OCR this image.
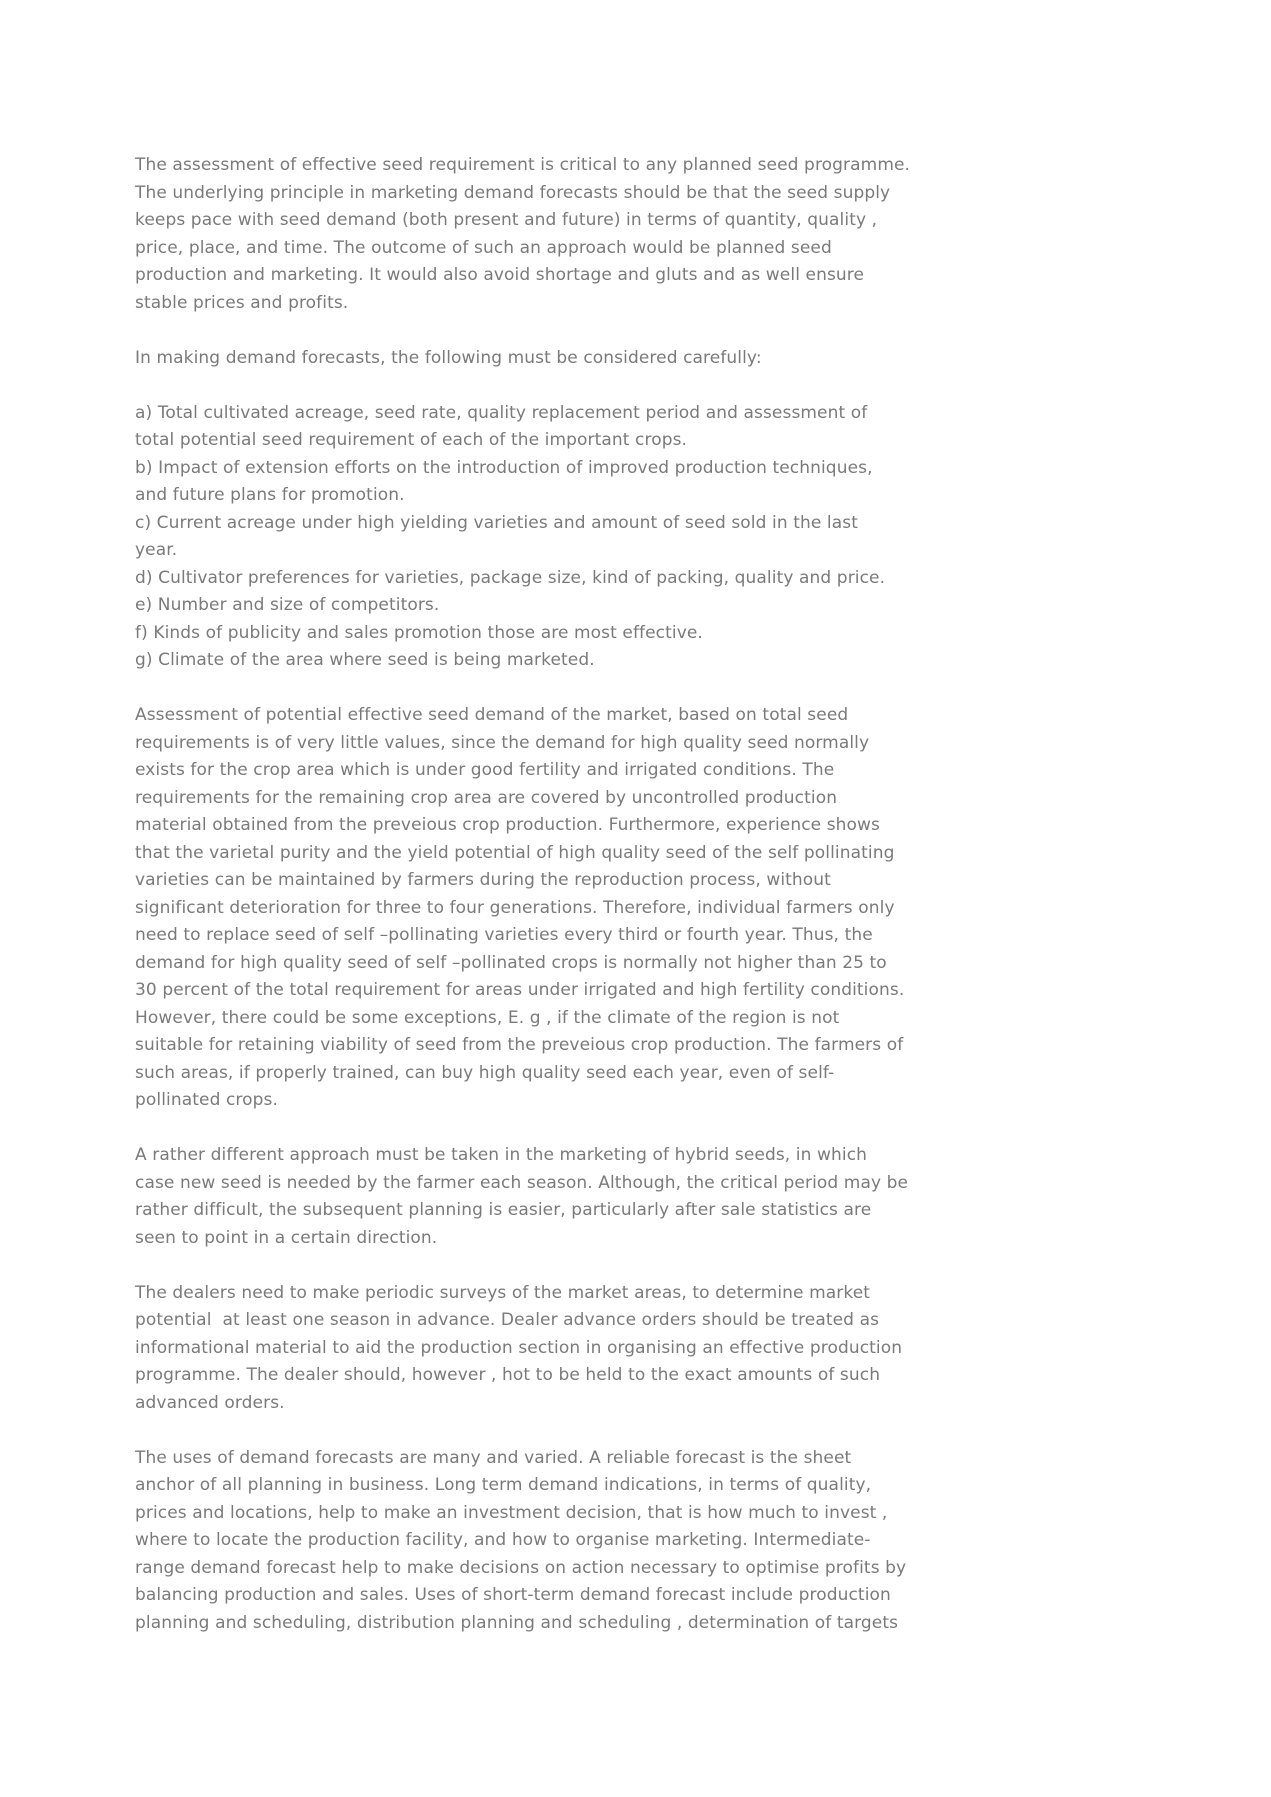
The assessment of effective seed requirement is critical to any planned seed programme.
The underlying principle in marketing demand forecasts should be that the seed supply
keeps pace with seed demand (both present and future) in terms of quantity, quality ,
price, place, and time. The outcome of such an approach would be planned seed
production and marketing. It would also avoid shortage and gluts and as well ensure
stable prices and profits.
In making demand forecasts, the following must be considered carefully:
a) Total cultivated acreage, seed rate, quality replacement period and assessment of
total potential seed requirement of each of the important crops.
b) Impact of extension efforts on the introduction of improved production techniques,
and future plans for promotion.
c) Current acreage under high yielding varieties and amount of seed sold in the last
year.
d) Cultivator preferences for varieties, package size, kind of packing, quality and price.
e) Number and size of competitors.
f) Kinds of publicity and sales promotion those are most effective.
g) Climate of the area where seed is being marketed.
Assessment of potential effective seed demand of the market, based on total seed
requirements is of very little values, since the demand for high quality seed normally
exists for the crop area which is under good fertility and irrigated conditions. The
requirements for the remaining crop area are covered by uncontrolled production
material obtained from the preveious crop production. Furthermore, experience shows
that the varietal purity and the yield potential of high quality seed of the self pollinating
varieties can be maintained by farmers during the reproduction process, without
significant deterioration for three to four generations. Therefore, individual farmers only
need to replace seed of self –pollinating varieties every third or fourth year. Thus, the
demand for high quality seed of self –pollinated crops is normally not higher than 25 to
30 percent of the total requirement for areas under irrigated and high fertility conditions.
However, there could be some exceptions, E. g , if the climate of the region is not
suitable for retaining viability of seed from the preveious crop production. The farmers of
such areas, if properly trained, can buy high quality seed each year, even of self-
pollinated crops.
A rather different approach must be taken in the marketing of hybrid seeds, in which
case new seed is needed by the farmer each season. Although, the critical period may be
rather difficult, the subsequent planning is easier, particularly after sale statistics are
seen to point in a certain direction.
The dealers need to make periodic surveys of the market areas, to determine market
potential  at least one season in advance. Dealer advance orders should be treated as
informational material to aid the production section in organising an effective production
programme. The dealer should, however , hot to be held to the exact amounts of such
advanced orders.
The uses of demand forecasts are many and varied. A reliable forecast is the sheet
anchor of all planning in business. Long term demand indications, in terms of quality,
prices and locations, help to make an investment decision, that is how much to invest ,
where to locate the production facility, and how to organise marketing. Intermediate-
range demand forecast help to make decisions on action necessary to optimise profits by
balancing production and sales. Uses of short-term demand forecast include production
planning and scheduling, distribution planning and scheduling , determination of targets
